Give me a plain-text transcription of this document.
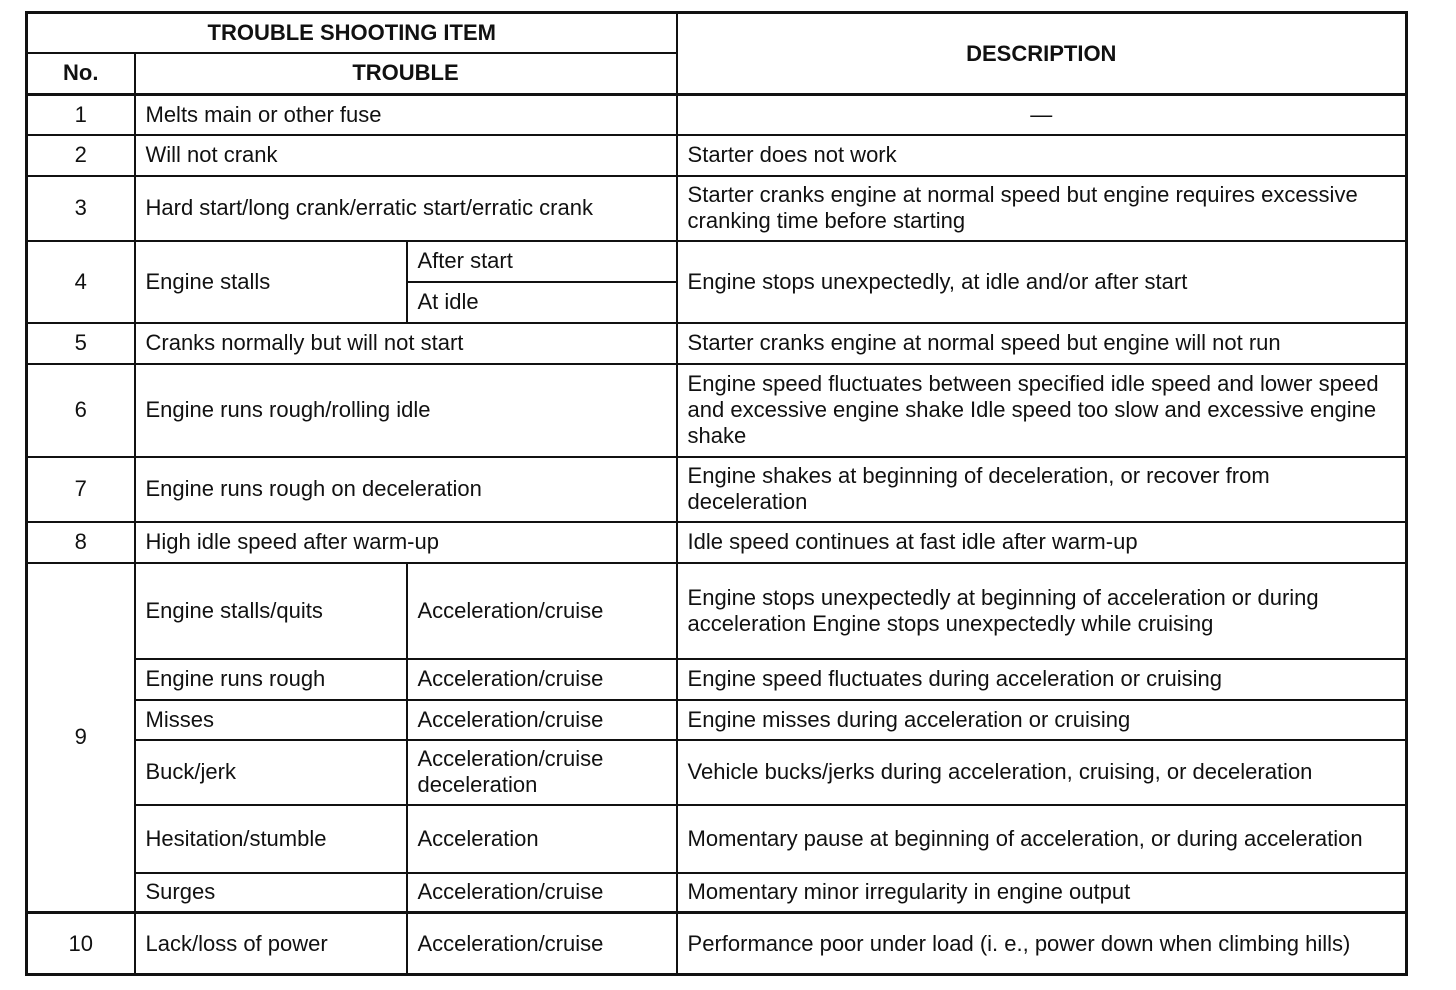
TROUBLE SHOOTING ITEM			DESCRIPTION
No.	TROUBLE		
1	Melts main or other fuse		—
2	Will not crank		Starter does not work
3	Hard start/long crank/erratic start/erratic crank		Starter cranks engine at normal speed but engine requires excessive cranking time before starting
4	Engine stalls	After start	Engine stops unexpectedly, at idle and/or after start
		At idle	
5	Cranks normally but will not start		Starter cranks engine at normal speed but engine will not run
6	Engine runs rough/rolling idle		Engine speed fluctuates between specified idle speed and lower speed and excessive engine shake Idle speed too slow and excessive engine shake
7	Engine runs rough on deceleration		Engine shakes at beginning of deceleration, or recover from deceleration
8	High idle speed after warm-up		Idle speed continues at fast idle after warm-up
9	Engine stalls/quits	Acceleration/cruise	Engine stops unexpectedly at beginning of acceleration or during acceleration Engine stops unexpectedly while cruising
	Engine runs rough	Acceleration/cruise	Engine speed fluctuates during acceleration or cruising
	Misses	Acceleration/cruise	Engine misses during acceleration or cruising
	Buck/jerk	Acceleration/cruise deceleration	Vehicle bucks/jerks during acceleration, cruising, or deceleration
	Hesitation/stumble	Acceleration	Momentary pause at beginning of acceleration, or during acceleration
	Surges	Acceleration/cruise	Momentary minor irregularity in engine output
10	Lack/loss of power	Acceleration/cruise	Performance poor under load (i. e., power down when climbing hills)
